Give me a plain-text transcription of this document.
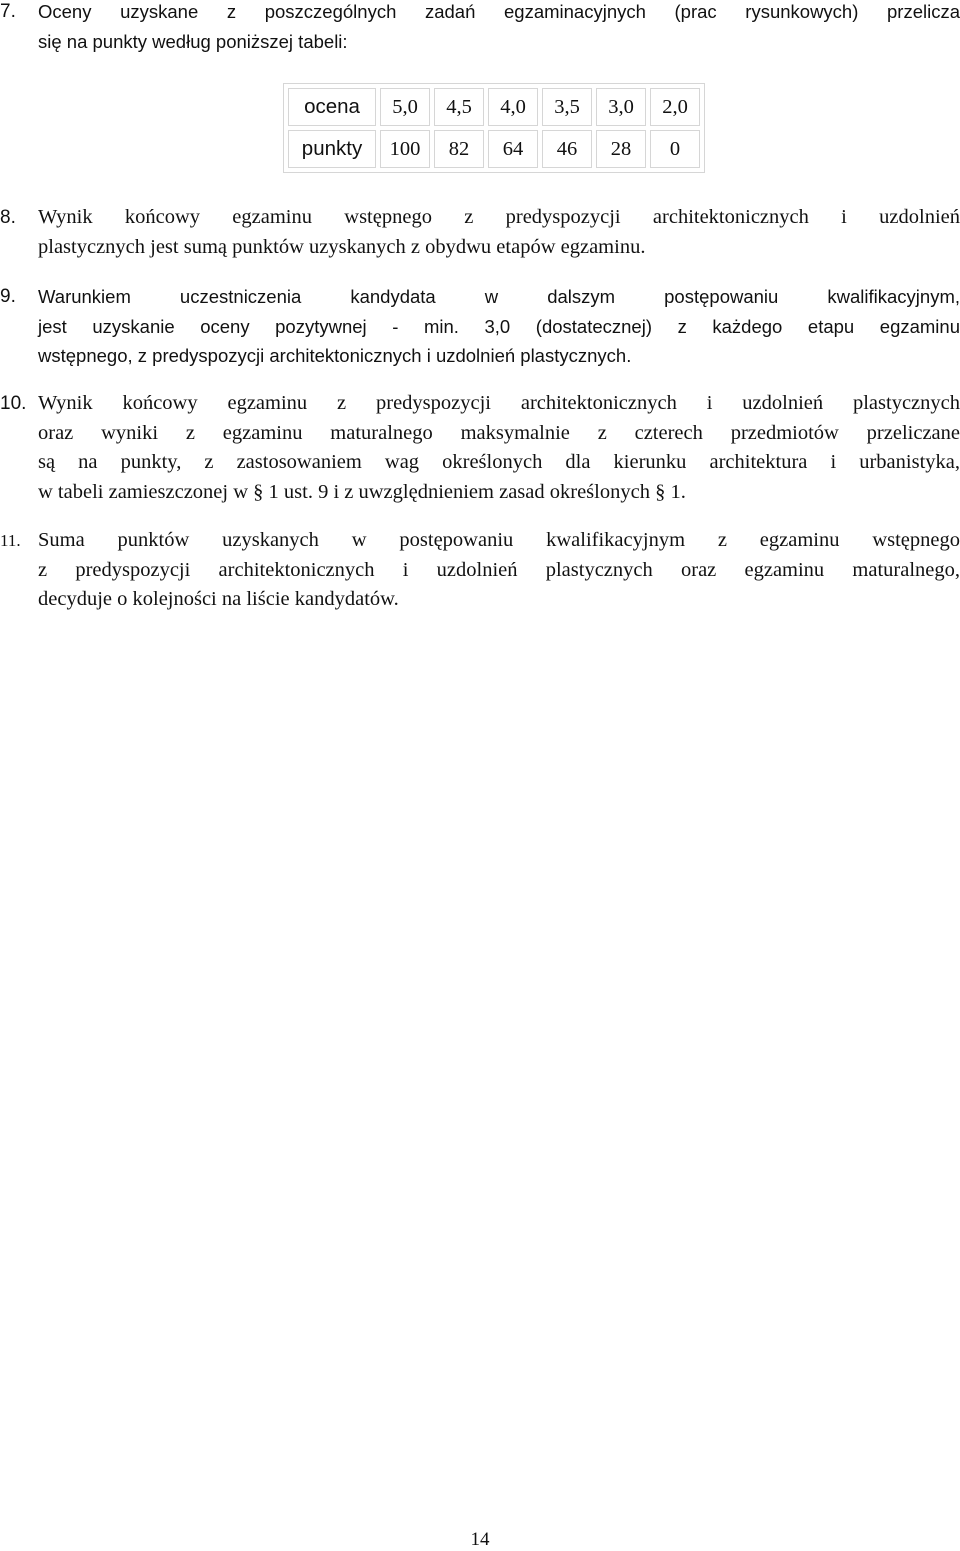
7. Oceny uzyskane z poszczególnych zadań egzaminacyjnych (prac rysunkowych) przelicza
się na punkty według poniższej tabeli:
ocena	5,0	4,5	4,0	3,5	3,0	2,0
punkty	100	82	64	46	28	0
8. Wynik końcowy egzaminu wstępnego z predyspozycji architektonicznych i uzdolnień
plastycznych jest sumą punktów uzyskanych z obydwu etapów egzaminu.
9. Warunkiem uczestniczenia kandydata w dalszym postępowaniu kwalifikacyjnym,
jest uzyskanie oceny pozytywnej - min. 3,0 (dostatecznej) z każdego etapu egzaminu
wstępnego, z predyspozycji architektonicznych i uzdolnień plastycznych.
10. Wynik końcowy egzaminu z predyspozycji architektonicznych i uzdolnień plastycznych
oraz wyniki z egzaminu maturalnego maksymalnie z czterech przedmiotów przeliczane
są na punkty, z zastosowaniem wag określonych dla kierunku architektura i urbanistyka,
w tabeli zamieszczonej w § 1 ust. 9 i z uwzględnieniem zasad określonych § 1.
11. Suma punktów uzyskanych w postępowaniu kwalifikacyjnym z egzaminu wstępnego
z predyspozycji architektonicznych i uzdolnień plastycznych oraz egzaminu maturalnego,
decyduje o kolejności na liście kandydatów.
14
